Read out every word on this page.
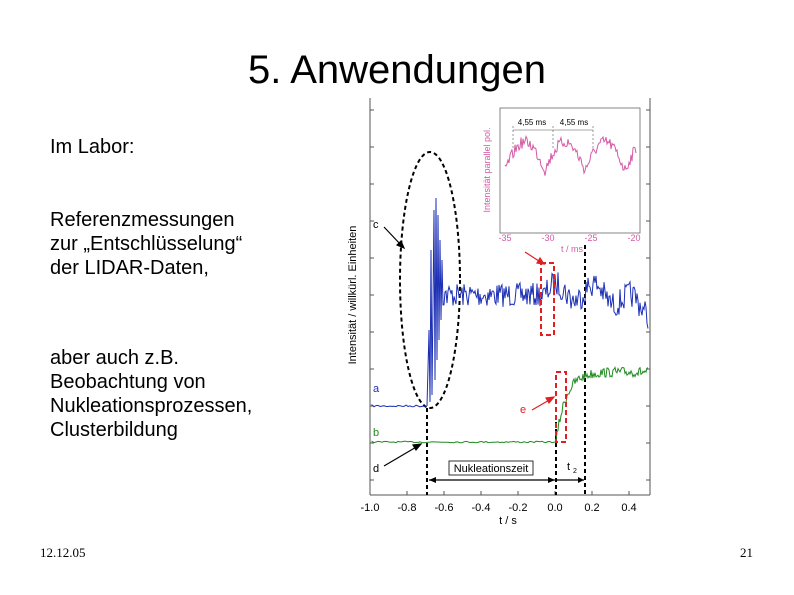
5. Anwendungen
Im Labor:
Referenzmessungen
zur „Entschlüsselung“
der LIDAR-Daten,
aber auch z.B.
Beobachtung von
Nukleationsprozessen,
Clusterbildung
12.12.05	21
-1.0 -0.8 -0.6 -0.4 -0.2 0.0 0.2 0.4
Intensität / willkürl. Einheiten
t / s
c
a
b
d
e
Nukleationszeit	t 2
Intensität parallel pol.
-35	-30	-25	-20
t / ms
4,55 ms 4,55 ms
